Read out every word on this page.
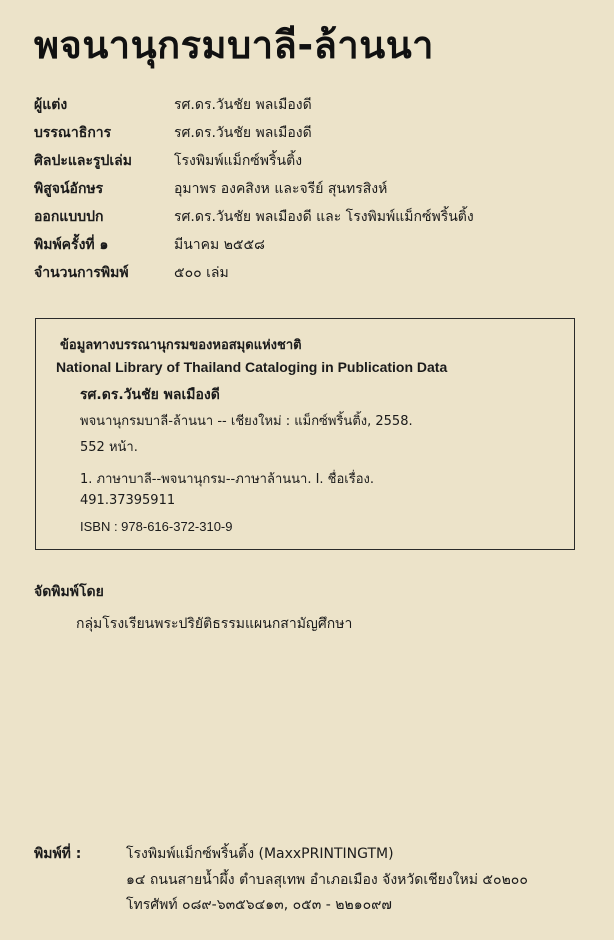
พจนานุกรมบาลี-ล้านนา
ผู้แต่ง	รศ.ดร.วันชัย พลเมืองดี
บรรณาธิการ	รศ.ดร.วันชัย พลเมืองดี
ศิลปะและรูปเล่ม	โรงพิมพ์แม็กซ์พริ้นติ้ง
พิสูจน์อักษร	อุมาพร องคสิงห และจรีย์ สุนทรสิงห์
ออกแบบปก	รศ.ดร.วันชัย พลเมืองดี และ โรงพิมพ์แม็กซ์พริ้นติ้ง
พิมพ์ครั้งที่ ๑	มีนาคม ๒๕๕๘
จำนวนการพิมพ์	๕๐๐ เล่ม
ข้อมูลทางบรรณานุกรมของหอสมุดแห่งชาติ
National Library of Thailand Cataloging in Publication Data
รศ.ดร.วันชัย พลเมืองดี
พจนานุกรมบาลี-ล้านนา -- เชียงใหม่ : แม็กซ์พริ้นติ้ง, 2558.
552 หน้า.
1. ภาษาบาลี--พจนานุกรม--ภาษาล้านนา. I. ชื่อเรื่อง.
491.37395911
ISBN : 978-616-372-310-9
จัดพิมพ์โดย
กลุ่มโรงเรียนพระปริยัติธรรมแผนกสามัญศึกษา
พิมพ์ที่ :	โรงพิมพ์แม็กซ์พริ้นติ้ง (MaxxPRINTINGTM)
๑๔ ถนนสายน้ำผึ้ง ตำบลสุเทพ อำเภอเมือง จังหวัดเชียงใหม่ ๕๐๒๐๐
โทรศัพท์ ๐๘๙-๖๓๕๖๔๑๓, ๐๕๓ - ๒๒๑๐๙๗
